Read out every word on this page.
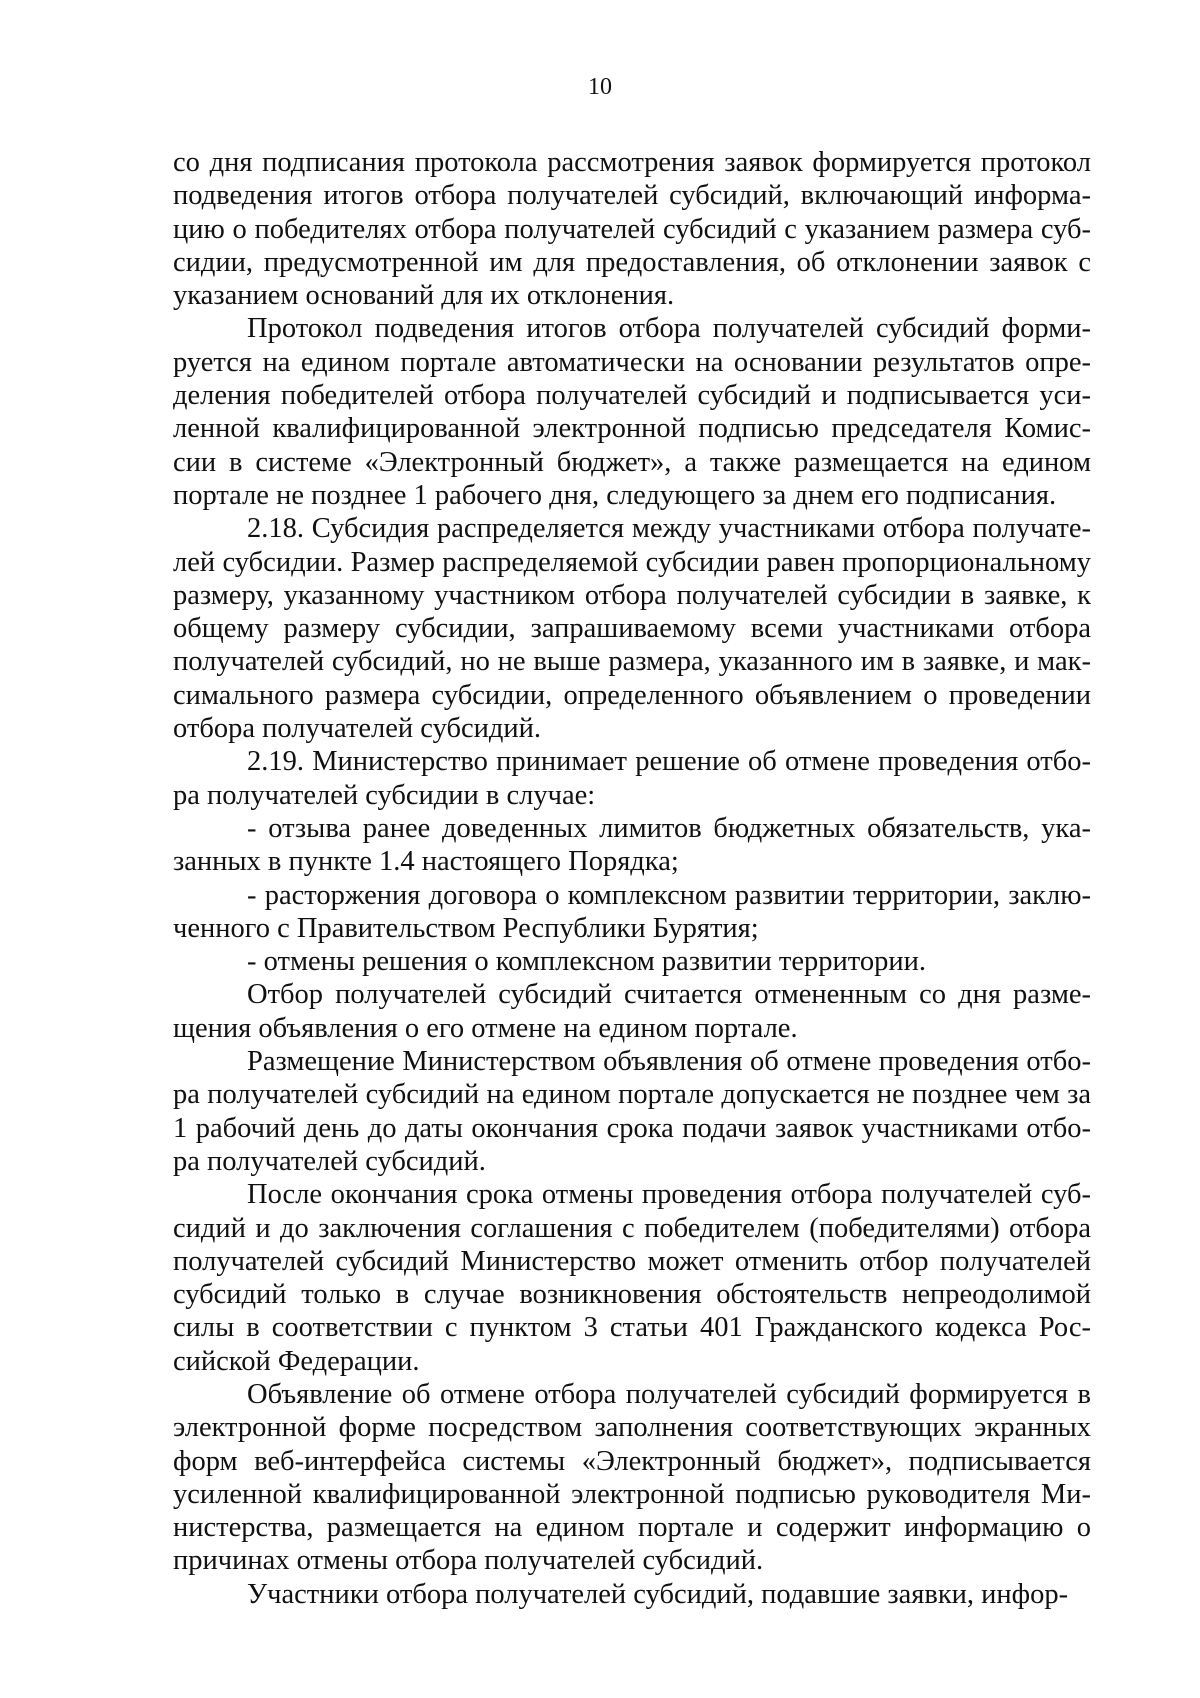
10

со дня подписания протокола рассмотрения заявок формируется протокол подведения итогов отбора получателей субсидий, включающий информацию о победителях отбора получателей субсидий с указанием размера субсидии, предусмотренной им для предоставления, об отклонении заявок с указанием оснований для их отклонения.

Протокол подведения итогов отбора получателей субсидий формируется на едином портале автоматически на основании результатов определения победителей отбора получателей субсидий и подписывается усиленной квалифицированной электронной подписью председателя Комиссии в системе «Электронный бюджет», а также размещается на едином портале не позднее 1 рабочего дня, следующего за днем его подписания.

2.18. Субсидия распределяется между участниками отбора получателей субсидии. Размер распределяемой субсидии равен пропорциональному размеру, указанному участником отбора получателей субсидии в заявке, к общему размеру субсидии, запрашиваемому всеми участниками отбора получателей субсидий, но не выше размера, указанного им в заявке, и максимального размера субсидии, определенного объявлением о проведении отбора получателей субсидий.

2.19. Министерство принимает решение об отмене проведения отбора получателей субсидии в случае:

- отзыва ранее доведенных лимитов бюджетных обязательств, указанных в пункте 1.4 настоящего Порядка;

- расторжения договора о комплексном развитии территории, заключенного с Правительством Республики Бурятия;

- отмены решения о комплексном развитии территории.

Отбор получателей субсидий считается отмененным со дня размещения объявления о его отмене на едином портале.

Размещение Министерством объявления об отмене проведения отбора получателей субсидий на едином портале допускается не позднее чем за 1 рабочий день до даты окончания срока подачи заявок участниками отбора получателей субсидий.

После окончания срока отмены проведения отбора получателей субсидий и до заключения соглашения с победителем (победителями) отбора получателей субсидий Министерство может отменить отбор получателей субсидий только в случае возникновения обстоятельств непреодолимой силы в соответствии с пунктом 3 статьи 401 Гражданского кодекса Российской Федерации.

Объявление об отмене отбора получателей субсидий формируется в электронной форме посредством заполнения соответствующих экранных форм веб-интерфейса системы «Электронный бюджет», подписывается усиленной квалифицированной электронной подписью руководителя Министерства, размещается на едином портале и содержит информацию о причинах отмены отбора получателей субсидий.

Участники отбора получателей субсидий, подавшие заявки, инфор-
